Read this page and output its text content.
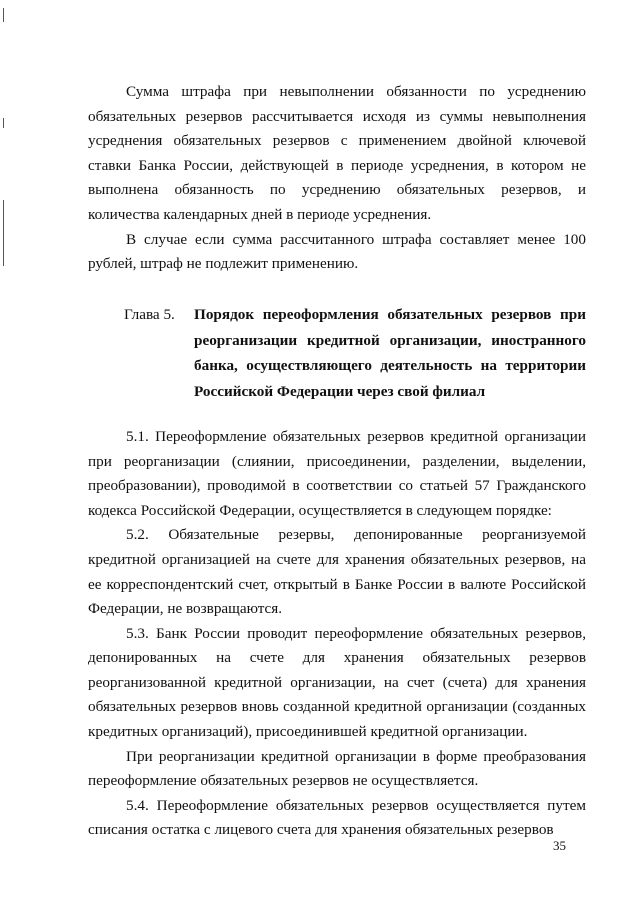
Сумма штрафа при невыполнении обязанности по усреднению обязательных резервов рассчитывается исходя из суммы невыполнения усреднения обязательных резервов с применением двойной ключевой ставки Банка России, действующей в периоде усреднения, в котором не выполнена обязанность по усреднению обязательных резервов, и количества календарных дней в периоде усреднения.

В случае если сумма рассчитанного штрафа составляет менее 100 рублей, штраф не подлежит применению.

Глава 5. Порядок переоформления обязательных резервов при реорганизации кредитной организации, иностранного банка, осуществляющего деятельность на территории Российской Федерации через свой филиал

5.1. Переоформление обязательных резервов кредитной организации при реорганизации (слиянии, присоединении, разделении, выделении, преобразовании), проводимой в соответствии со статьей 57 Гражданского кодекса Российской Федерации, осуществляется в следующем порядке:

5.2. Обязательные резервы, депонированные реорганизуемой кредитной организацией на счете для хранения обязательных резервов, на ее корреспондентский счет, открытый в Банке России в валюте Российской Федерации, не возвращаются.

5.3. Банк России проводит переоформление обязательных резервов, депонированных на счете для хранения обязательных резервов реорганизованной кредитной организации, на счет (счета) для хранения обязательных резервов вновь созданной кредитной организации (созданных кредитных организаций), присоединившей кредитной организации.

При реорганизации кредитной организации в форме преобразования переоформление обязательных резервов не осуществляется.

5.4. Переоформление обязательных резервов осуществляется путем списания остатка с лицевого счета для хранения обязательных резервов

35
